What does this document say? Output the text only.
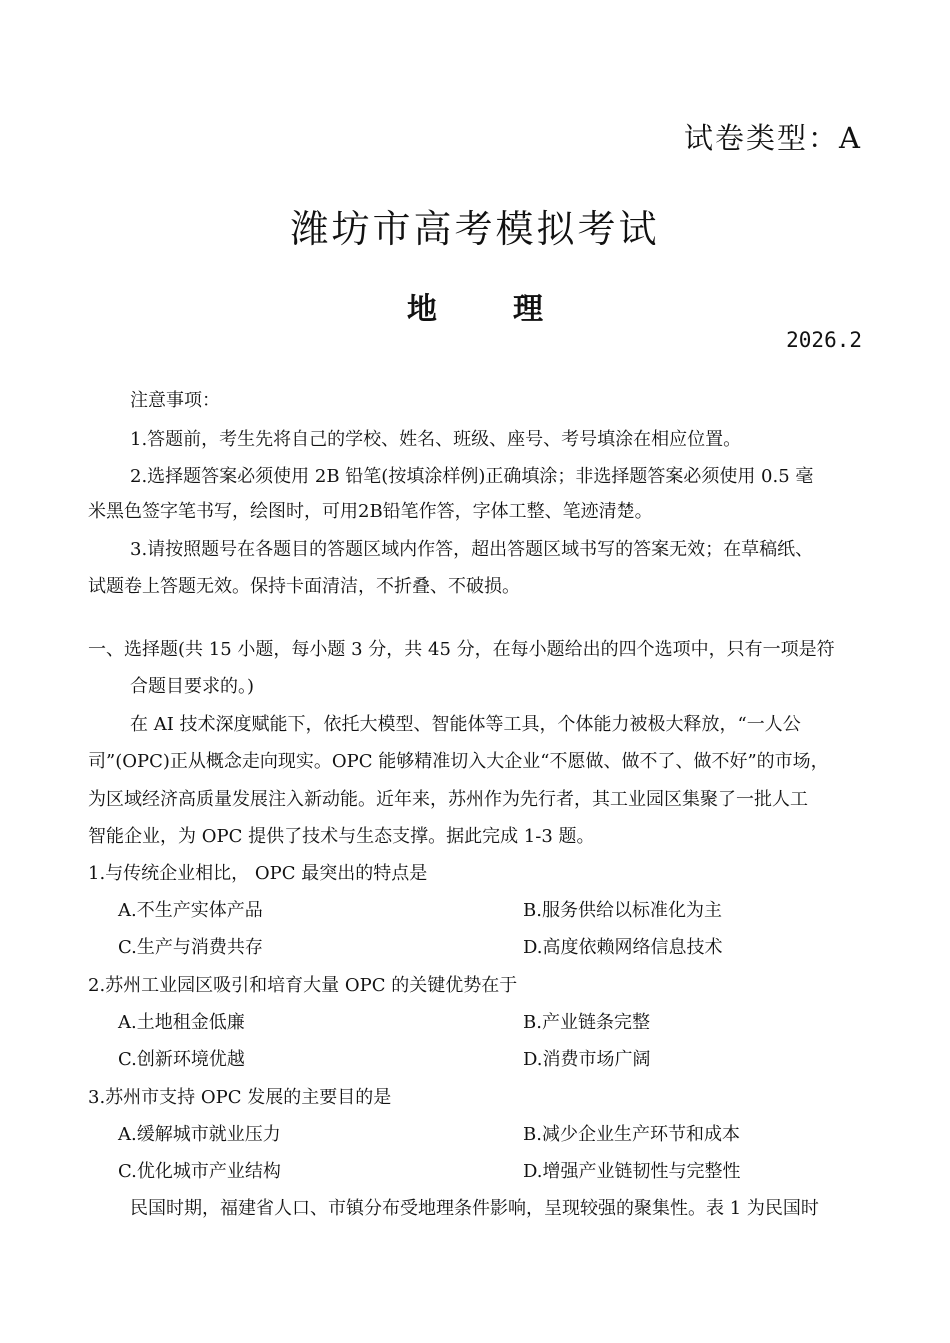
试卷类型：A
潍坊市高考模拟考试
地	理
2026.2
注意事项：
1.答题前，考生先将自己的学校、姓名、班级、座号、考号填涂在相应位置。
2.选择题答案必须使用 2B 铅笔(按填涂样例)正确填涂；非选择题答案必须使用 0.5 毫
米黑色签字笔书写，绘图时，可用2B铅笔作答，字体工整、笔迹清楚。
3.请按照题号在各题目的答题区域内作答，超出答题区域书写的答案无效；在草稿纸、
试题卷上答题无效。保持卡面清洁，不折叠、不破损。
一、选择题(共 15 小题，每小题 3 分，共 45 分，在每小题给出的四个选项中，只有一项是符
合题目要求的。)
在 AI 技术深度赋能下，依托大模型、智能体等工具，个体能力被极大释放，“一人公
司”(OPC)正从概念走向现实。OPC 能够精准切入大企业“不愿做、做不了、做不好”的市场，
为区域经济高质量发展注入新动能。近年来，苏州作为先行者，其工业园区集聚了一批人工
智能企业，为 OPC 提供了技术与生态支撑。据此完成 1-3 题。
1.与传统企业相比， OPC 最突出的特点是
A.不生产实体产品	B.服务供给以标准化为主
C.生产与消费共存	D.高度依赖网络信息技术
2.苏州工业园区吸引和培育大量 OPC 的关键优势在于
A.土地租金低廉	B.产业链条完整
C.创新环境优越	D.消费市场广阔
3.苏州市支持 OPC 发展的主要目的是
A.缓解城市就业压力	B.减少企业生产环节和成本
C.优化城市产业结构	D.增强产业链韧性与完整性
民国时期，福建省人口、市镇分布受地理条件影响，呈现较强的聚集性。表 1 为民国时
